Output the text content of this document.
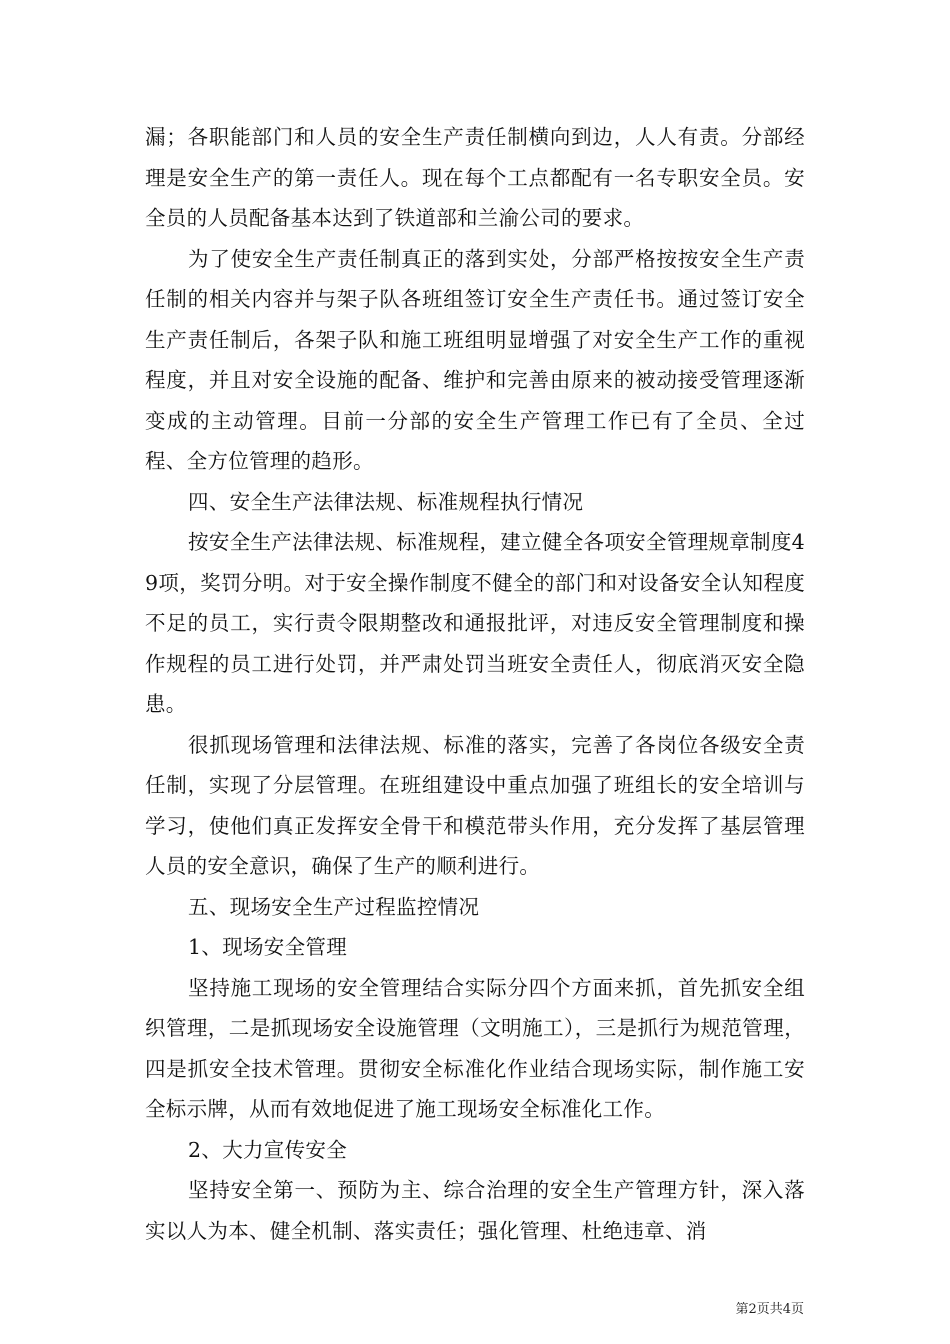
漏；各职能部门和人员的安全生产责任制横向到边，人人有责。分部经理是安全生产的第一责任人。现在每个工点都配有一名专职安全员。安全员的人员配备基本达到了铁道部和兰渝公司的要求。

为了使安全生产责任制真正的落到实处，分部严格按按安全生产责任制的相关内容并与架子队各班组签订安全生产责任书。通过签订安全生产责任制后，各架子队和施工班组明显增强了对安全生产工作的重视程度，并且对安全设施的配备、维护和完善由原来的被动接受管理逐渐变成的主动管理。目前一分部的安全生产管理工作已有了全员、全过程、全方位管理的趋形。

四、安全生产法律法规、标准规程执行情况

按安全生产法律法规、标准规程，建立健全各项安全管理规章制度49项，奖罚分明。对于安全操作制度不健全的部门和对设备安全认知程度不足的员工，实行责令限期整改和通报批评，对违反安全管理制度和操作规程的员工进行处罚，并严肃处罚当班安全责任人，彻底消灭安全隐患。

很抓现场管理和法律法规、标准的落实，完善了各岗位各级安全责任制，实现了分层管理。在班组建设中重点加强了班组长的安全培训与学习，使他们真正发挥安全骨干和模范带头作用，充分发挥了基层管理人员的安全意识，确保了生产的顺利进行。

五、现场安全生产过程监控情况

1、现场安全管理

坚持施工现场的安全管理结合实际分四个方面来抓，首先抓安全组织管理，二是抓现场安全设施管理（文明施工），三是抓行为规范管理，四是抓安全技术管理。贯彻安全标准化作业结合现场实际，制作施工安全标示牌，从而有效地促进了施工现场安全标准化工作。

2、大力宣传安全

坚持安全第一、预防为主、综合治理的安全生产管理方针，深入落实以人为本、健全机制、落实责任；强化管理、杜绝违章、消

第2页共4页
